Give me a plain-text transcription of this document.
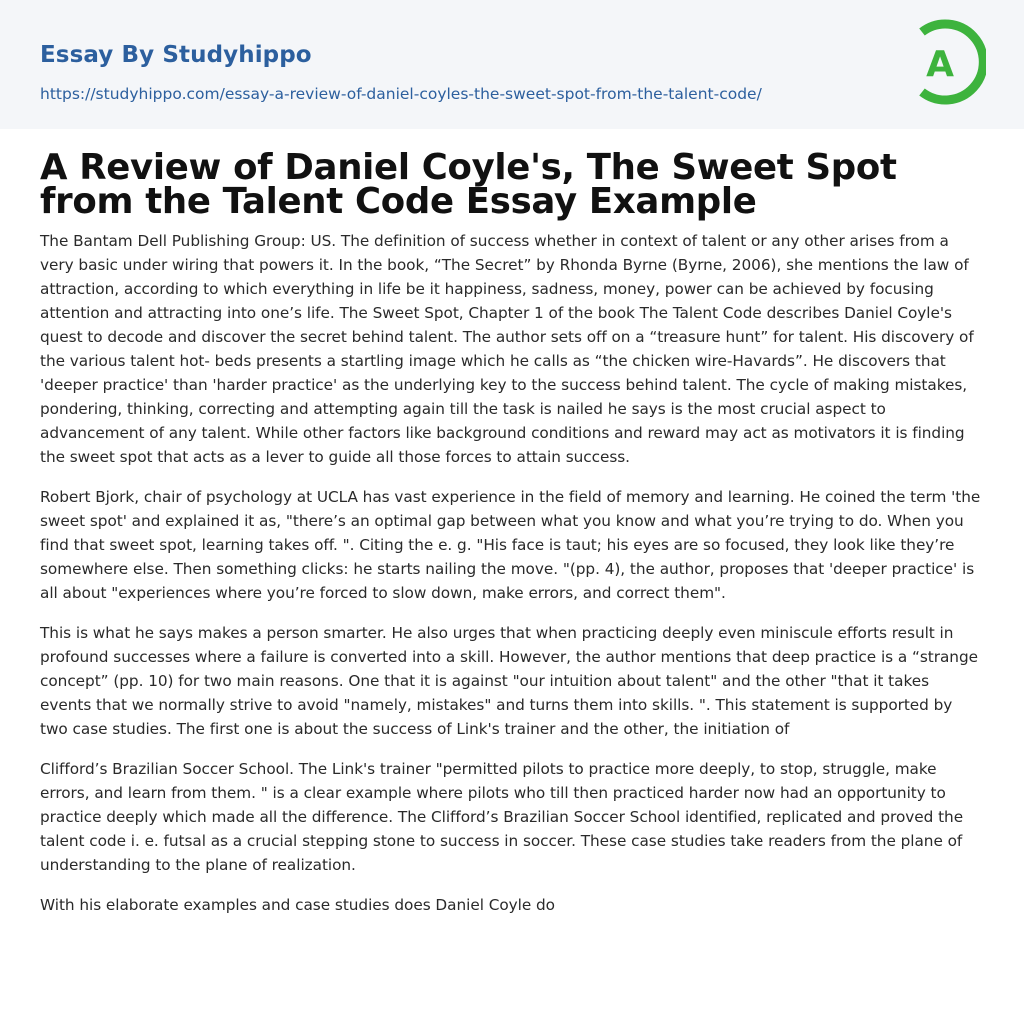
Essay By Studyhippo
https://studyhippo.com/essay-a-review-of-daniel-coyles-the-sweet-spot-from-the-talent-code/
A
A Review of Daniel Coyle's, The Sweet Spot from the Talent Code Essay Example

The Bantam Dell Publishing Group: US. The definition of success whether in context of talent or any other arises from a very basic under wiring that powers it. In the book, “The Secret” by Rhonda Byrne (Byrne, 2006), she mentions the law of attraction, according to which everything in life be it happiness, sadness, money, power can be achieved by focusing attention and attracting into one’s life. The Sweet Spot, Chapter 1 of the book The Talent Code describes Daniel Coyle's quest to decode and discover the secret behind talent. The author sets off on a “treasure hunt” for talent. His discovery of the various talent hot- beds presents a startling image which he calls as “the chicken wire-Havards”. He discovers that 'deeper practice' than 'harder practice' as the underlying key to the success behind talent. The cycle of making mistakes, pondering, thinking, correcting and attempting again till the task is nailed he says is the most crucial aspect to advancement of any talent. While other factors like background conditions and reward may act as motivators it is finding the sweet spot that acts as a lever to guide all those forces to attain success.

Robert Bjork, chair of psychology at UCLA has vast experience in the field of memory and learning. He coined the term 'the sweet spot' and explained it as, "there’s an optimal gap between what you know and what you’re trying to do. When you find that sweet spot, learning takes off. ". Citing the e. g. "His face is taut; his eyes are so focused, they look like they’re somewhere else. Then something clicks: he starts nailing the move. "(pp. 4), the author, proposes that 'deeper practice' is all about "experiences where you’re forced to slow down, make errors, and correct them".

This is what he says makes a person smarter. He also urges that when practicing deeply even miniscule efforts result in profound successes where a failure is converted into a skill. However, the author mentions that deep practice is a “strange concept” (pp. 10) for two main reasons. One that it is against "our intuition about talent" and the other "that it takes events that we normally strive to avoid "namely, mistakes" and turns them into skills. ". This statement is supported by two case studies. The first one is about the success of Link's trainer and the other, the initiation of

Clifford’s Brazilian Soccer School. The Link's trainer "permitted pilots to practice more deeply, to stop, struggle, make errors, and learn from them. " is a clear example where pilots who till then practiced harder now had an opportunity to practice deeply which made all the difference. The Clifford’s Brazilian Soccer School identified, replicated and proved the talent code i. e. futsal as a crucial stepping stone to success in soccer. These case studies take readers from the plane of understanding to the plane of realization.

With his elaborate examples and case studies does Daniel Coyle do
